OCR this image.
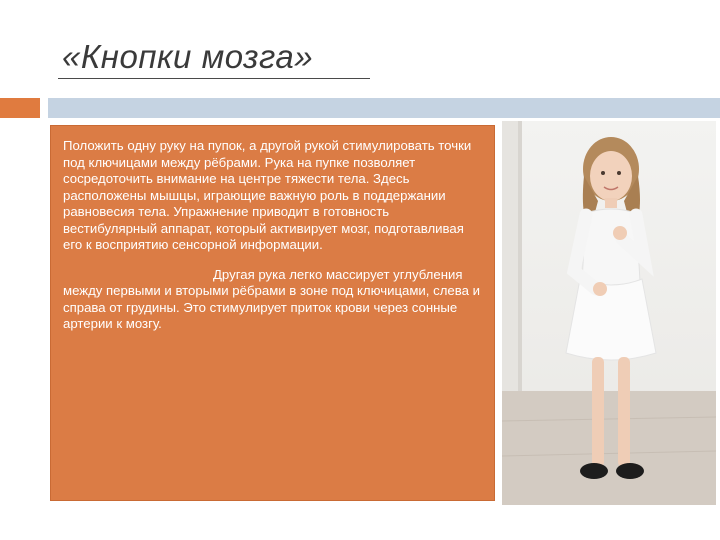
«Кнопки мозга»

Положить одну руку на пупок, а другой рукой стимулировать точки под ключицами между рёбрами. Рука на пупке позволяет сосредоточить внимание на центре тяжести тела. Здесь расположены мышцы, играющие важную роль в поддержании равновесия тела. Упражнение приводит в готовность вестибулярный аппарат, который активирует мозг, подготавливая его к восприятию сенсорной информации.

Другая рука легко массирует углубления между первыми и вторыми рёбрами в зоне под ключицами, слева и справа от грудины. Это стимулирует приток крови через сонные артерии к мозгу.
